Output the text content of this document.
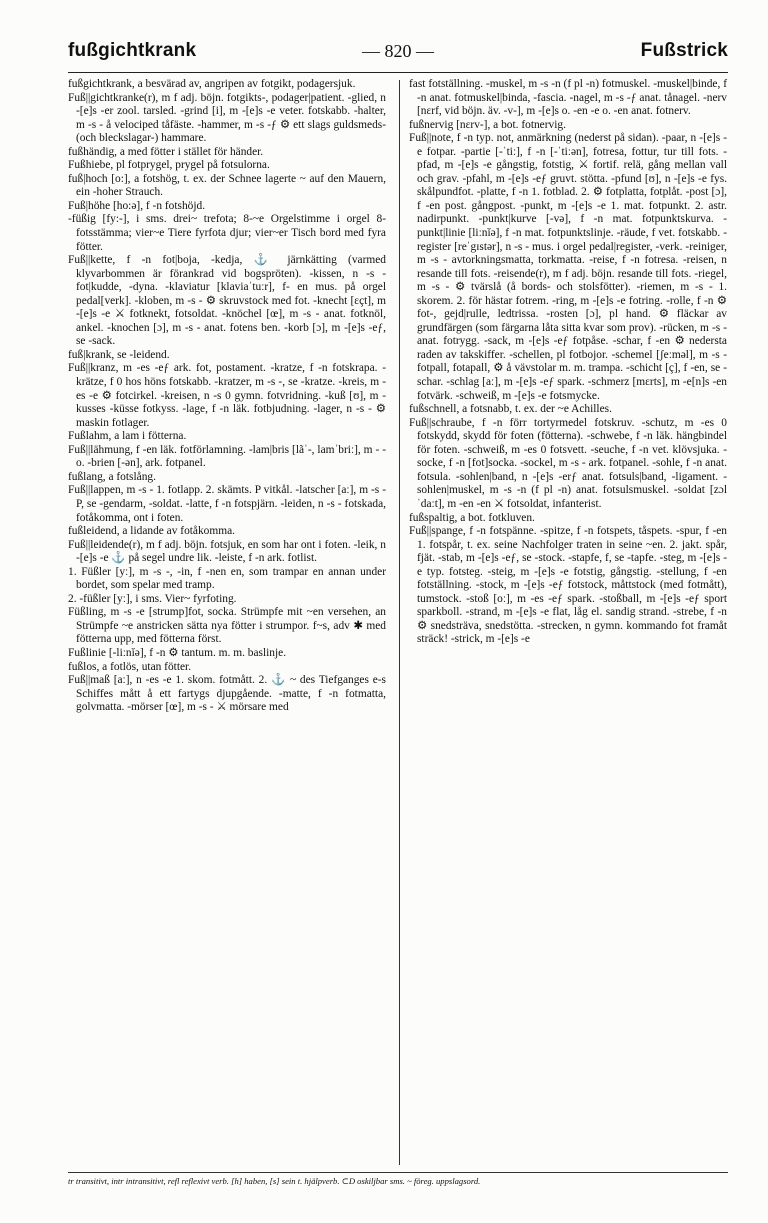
fußgichtkrank	— 820 —	Fußstrick

fußgichtkrank, a besvärad av, angripen av fotgikt, podagersjuk.

Fuß||gichtkranke(r), m f adj. böjn. fotgikts-, podager|patient. -glied, n -[e]s -er zool. tarsled. -grind [i], m -[e]s -e veter. fotskabb. -halter, m -s - å velociped tåfäste. -hammer, m -s -ƒ ⚙ ett slags guldsmeds- (och bleckslagar-) hammare.

fußhändig, a med fötter i stället för händer.

Fußhiebe, pl fotprygel, prygel på fotsulorna.

fuß|hoch [o:], a fotshög, t. ex. der Schnee lagerte ~ auf den Mauern, ein -hoher Strauch.

Fuß|höhe [ho:ə], f -n fotshöjd.

-füßig [fy:-], i sms. drei~ trefota; 8-~e Orgelstimme i orgel 8-fotsstämma; vier~e Tiere fyrfota djur; vier~er Tisch bord med fyra fötter.

Fuß||kette, f -n fot|boja, -kedja, ⚓ järnkätting (varmed klyvarbommen är förankrad vid bogspröten). -kissen, n -s - fot|kudde, -dyna. -klaviatur [klaviaˈtuːr], f- en mus. på orgel pedal[verk]. -kloben, m -s - ⚙ skruvstock med fot. -knecht [ɛçt], m -[e]s -e ⚔ fotknekt, fotsoldat. -knöchel [œ], m -s - anat. fotknöl, ankel. -knochen [ɔ], m -s - anat. fotens ben. -korb [ɔ], m -[e]s -eƒ, se -sack.

fuß|krank, se -leidend.

Fuß||kranz, m -es -eƒ ark. fot, postament. -kratze, f -n fotskrapa. -krätze, f 0 hos höns fotskabb. -kratzer, m -s -, se -kratze. -kreis, m -es -e ⚙ fotcirkel. -kreisen, n -s 0 gymn. fotvridning. -kuß [ʊ], m -kusses -küsse fotkyss. -lage, f -n läk. fotbjudning. -lager, n -s - ⚙ maskin fotlager.

Fußlahm, a lam i fötterna.

Fuß||lähmung, f -en läk. fotförlamning. -lam|bris [lãˈ-, lamˈbriː], m - - o. -brien [-ən], ark. fotpanel.

fußlang, a fotslång.

Fuß||lappen, m -s - 1. fotlapp. 2. skämts. P vitkål. -latscher [aː], m -s - P, se -gendarm, -soldat. -latte, f -n fotspjärn. -leiden, n -s - fotskada, fotåkomma, ont i foten.

fußleidend, a lidande av fotåkomma.

Fuß||leidende(r), m f adj. böjn. fotsjuk, en som har ont i foten. -leik, n -[e]s -e ⚓ på segel undre lik. -leiste, f -n ark. fotlist.

1. Füßler [yː], m -s -, -in, f -nen en, som trampar en annan under bordet, som spelar med tramp.

2. -füßler [yː], i sms. Vier~ fyrfoting.

Füßling, m -s -e [strump]fot, socka. Strümpfe mit ~en versehen, an Strümpfe ~e anstricken sätta nya fötter i strumpor. f~s, adv ✱ med fötterna upp, med fötterna först.

Fußlinie [-liːnĭə], f -n ⚙ tantum. m. m. baslinje.

fußlos, a fotlös, utan fötter.

Fuß||maß [aː], n -es -e 1. skom. fotmått. 2. ⚓ ~ des Tiefganges e-s Schiffes mått å ett fartygs djupgående. -matte, f -n fotmatta, golvmatta. -mörser [œ], m -s - ⚔ mörsare med

fast fotställning. -muskel, m -s -n (f pl -n) fotmuskel. -muskel|binde, f -n anat. fotmuskel|binda, -fascia. -nagel, m -s -ƒ anat. tånagel. -nerv [nɛrf, vid böjn. äv. -v-], m -[e]s o. -en -e o. -en anat. fotnerv.

fußnervig [nɛrv-], a bot. fotnervig.

Fuß||note, f -n typ. not, anmärkning (nederst på sidan). -paar, n -[e]s -e fotpar. -partie [-ˈtiː], f -n [-ˈtiːən], fotresa, fottur, tur till fots. -pfad, m -[e]s -e gångstig, fotstig, ⚔ fortif. relä, gång mellan vall och grav. -pfahl, m -[e]s -eƒ gruvt. stötta. -pfund [ʊ], n -[e]s -e fys. skålpundfot. -platte, f -n 1. fotblad. 2. ⚙ fotplatta, fotplåt. -post [ɔ], f -en post. gångpost. -punkt, m -[e]s -e 1. mat. fotpunkt. 2. astr. nadirpunkt. -punkt|kurve [-və], f -n mat. fotpunktskurva. -punkt|linie [liːnĭə], f -n mat. fotpunktslinje. -räude, f vet. fotskabb. -register [reˈgɪstər], n -s - mus. i orgel pedal|register, -verk. -reiniger, m -s - avtorkningsmatta, torkmatta. -reise, f -n fotresa. -reisen, n resande till fots. -reisende(r), m f adj. böjn. resande till fots. -riegel, m -s - ⚙ tvärslå (å bords- och stolsfötter). -riemen, m -s - 1. skorem. 2. för hästar fotrem. -ring, m -[e]s -e fotring. -rolle, f -n ⚙ fot-, gejd|rulle, ledtrissa. -rosten [ɔ], pl hand. ⚙ fläckar av grundfärgen (som färgarna låta sitta kvar som prov). -rücken, m -s - anat. fotrygg. -sack, m -[e]s -eƒ fotpåse. -schar, f -en ⚙ nedersta raden av takskiffer. -schellen, pl fotbojor. -schemel [ʃeːməl], m -s - fotpall, fotapall, ⚙ å vävstolar m. m. trampa. -schicht [ç], f -en, se -schar. -schlag [aː], m -[e]s -eƒ spark. -schmerz [mɛrts], m -e[n]s -en fotvärk. -schweiß, m -[e]s -e fotsmycke.

fußschnell, a fotsnabb, t. ex. der ~e Achilles.

Fuß||schraube, f -n förr tortyrmedel fotskruv. -schutz, m -es 0 fotskydd, skydd för foten (fötterna). -schwebe, f -n läk. hängbindel för foten. -schweiß, m -es 0 fotsvett. -seuche, f -n vet. klövsjuka. -socke, f -n [fot]socka. -sockel, m -s - ark. fotpanel. -sohle, f -n anat. fotsula. -sohlen|band, n -[e]s -erƒ anat. fotsuls|band, -ligament. -sohlen|muskel, m -s -n (f pl -n) anat. fotsulsmuskel. -soldat [zɔlˈdaːt], m -en -en ⚔ fotsoldat, infanterist.

fußspaltig, a bot. fotkluven.

Fuß||spange, f -n fotspänne. -spitze, f -n fotspets, tåspets. -spur, f -en 1. fotspår, t. ex. seine Nachfolger traten in seine ~en. 2. jakt. spår, fjät. -stab, m -[e]s -eƒ, se -stock. -stapfe, f, se -tapfe. -steg, m -[e]s -e typ. fotsteg. -steig, m -[e]s -e fotstig, gångstig. -stellung, f -en fotställning. -stock, m -[e]s -eƒ fotstock, måttstock (med fotmått), tumstock. -stoß [oː], m -es -eƒ spark. -stoßball, m -[e]s -eƒ sport sparkboll. -strand, m -[e]s -e flat, låg el. sandig strand. -strebe, f -n ⚙ snedsträva, snedstötta. -strecken, n gymn. kommando fot framåt sträck! -strick, m -[e]s -e

tr transitivt, intr intransitivt, refl reflexivt verb. [h] haben, [s] sein t. hjälpverb. ⊂D oskiljbar sms. ~ föreg. uppslagsord.
